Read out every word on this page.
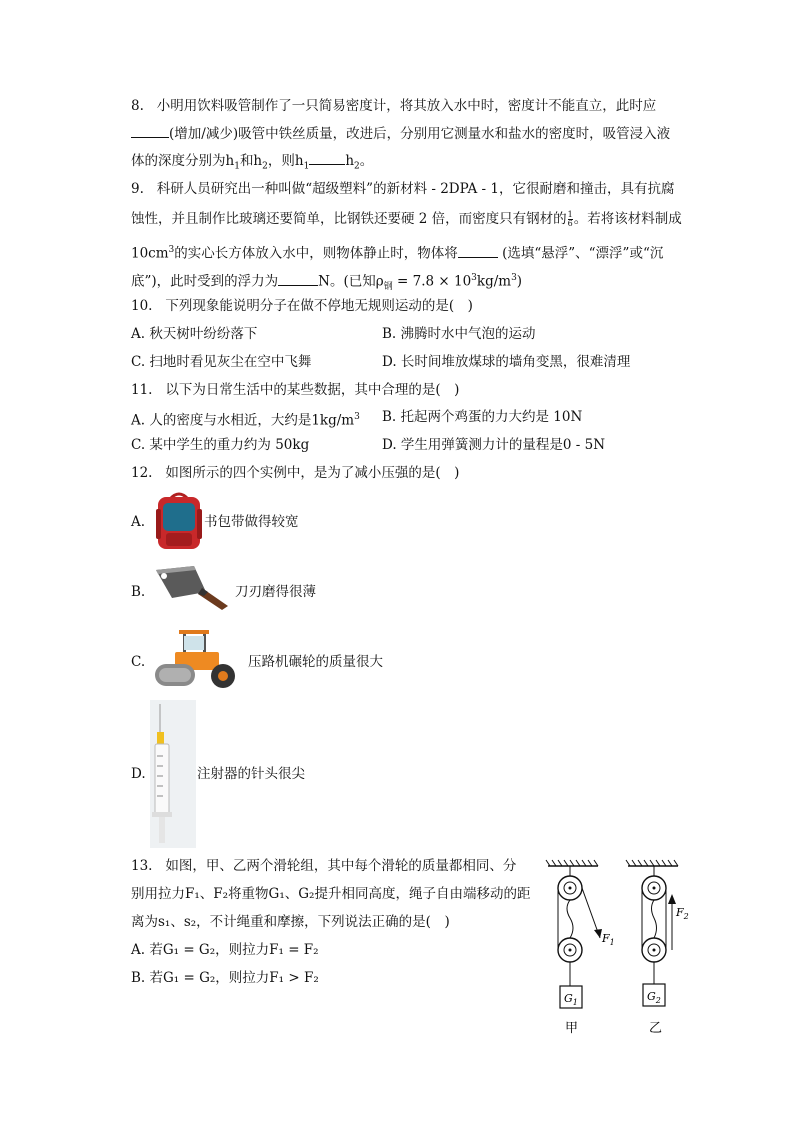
8. 小明用饮料吸管制作了一只简易密度计，将其放入水中时，密度计不能直立，此时应
(增加/减少)吸管中铁丝质量，改进后，分别用它测量水和盐水的密度时，吸管浸入液
体的深度分别为$h_1$和$h_2$，则$h_1$	$h_2$。
9. 科研人员研究出一种叫做“超级塑料”的新材料 - 2DPA - 1，它很耐磨和撞击，具有抗腐
蚀性，并且制作比玻璃还要简单，比钢铁还要硬 2 倍，而密度只有钢材的 $\frac{1}{6}$ 。若将该材料制成
$10cm^3$的实心长方体放入水中，则物体静止时，物体将	(选填“悬浮”、“漂浮”或“沉
底”)，此时受到的浮力为	N。(已知$\rho_钢 = 7.8 \times 10^3kg/m^3$)
10. 下列现象能说明分子在做不停地无规则运动的是(　)
A. 秋天树叶纷纷落下	B. 沸腾时水中气泡的运动
C. 扫地时看见灰尘在空中飞舞	D. 长时间堆放煤球的墙角变黑，很难清理
11. 以下为日常生活中的某些数据，其中合理的是(　)
A. 人的密度与水相近，大约是$1kg/m^3$ B. 托起两个鸡蛋的力大约是 10N
C. 某中学生的重力约为 50kg	D. 学生用弹簧测力计的量程是0 - 5N
12. 如图所示的四个实例中，是为了减小压强的是(　)
A.	书包带做得较宽
B.	刀刃磨得很薄
C.	压路机碾轮的质量很大
D.	注射器的针头很尖
13. 如图，甲、乙两个滑轮组，其中每个滑轮的质量都相同、分
别用拉力F₁、F₂将重物G₁、G₂提升相同高度，绳子自由端移动的距
离为s₁、s₂，不计绳重和摩擦，下列说法正确的是(　)
A. 若G₁ = G₂，则拉力F₁ = F₂
B. 若G₁ = G₂，则拉力F₁ > F₂
$F_1$
$G_1$
甲
$F_2$
$G_2$
乙
